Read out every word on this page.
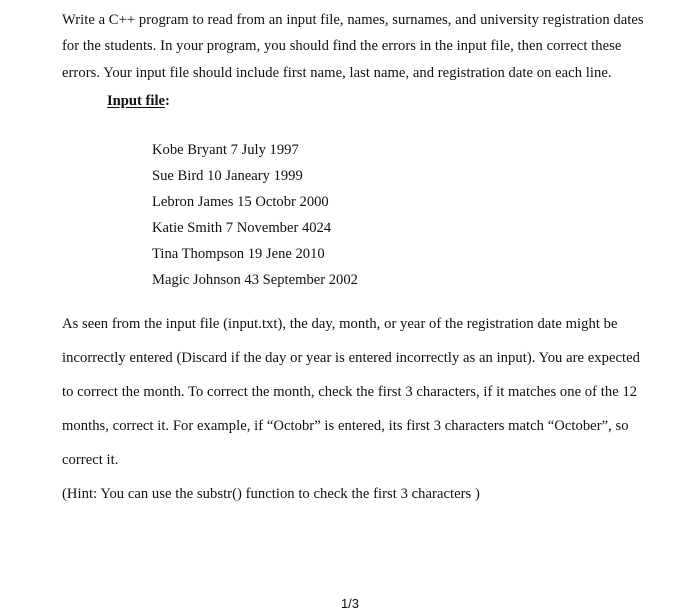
Write a C++ program to read from an input file, names, surnames, and university registration dates
for the students. In your program, you should find the errors in the input file, then correct these
errors. Your input file should include first name, last name, and registration date on each line.
Input file:
Kobe Bryant 7 July 1997
Sue Bird 10 Janeary 1999
Lebron James 15 Octobr 2000
Katie Smith 7 November 4024
Tina Thompson 19 Jene 2010
Magic Johnson 43 September 2002
As seen from the input file (input.txt), the day, month, or year of the registration date might be
incorrectly entered (Discard if the day or year is entered incorrectly as an input). You are expected
to correct the month. To correct the month, check the first 3 characters, if it matches one of the 12
months, correct it. For example, if “Octobr” is entered, its first 3 characters match “October”, so
correct it.
(Hint: You can use the substr() function to check the first 3 characters )
1/3
